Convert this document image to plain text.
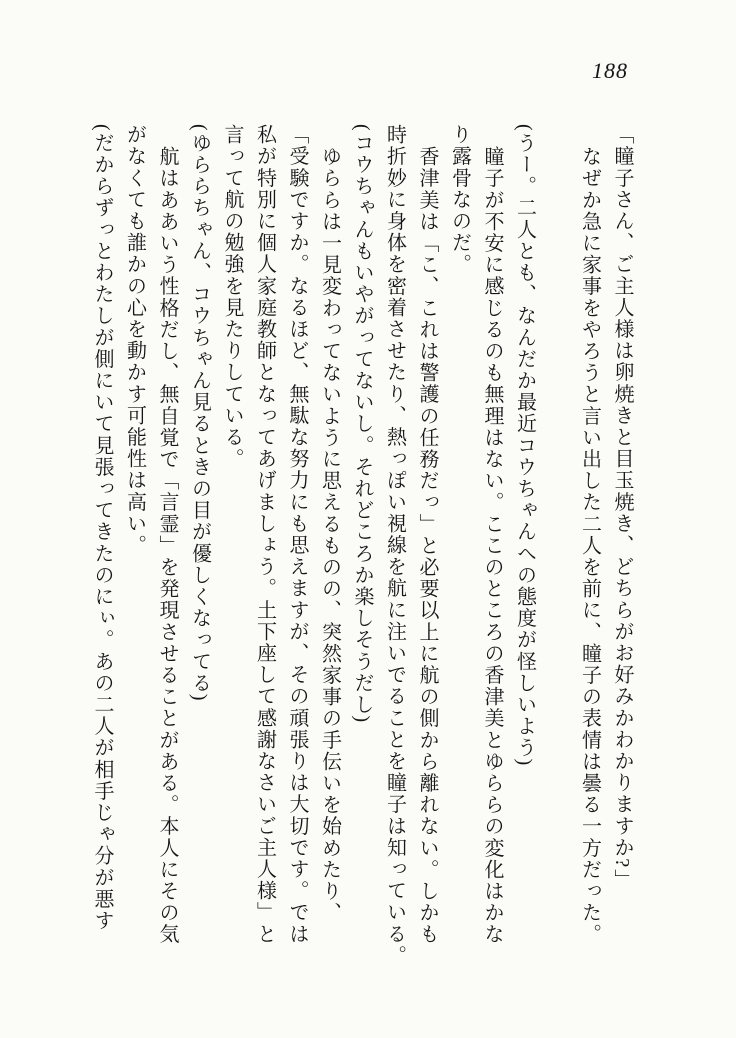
188
「瞳子さん、ご主人様は卵焼きと目玉焼き、どちらがお好みかわかりますか?」
なぜか急に家事をやろうと言い出した二人を前に、瞳子の表情は曇る一方だった。
(うー。二人とも、なんだか最近コウちゃんへの態度が怪しいよう)
瞳子が不安に感じるのも無理はない。ここのところの香津美とゆららの変化はかな
り露骨なのだ。
香津美は「こ、これは警護の任務だっ」と必要以上に航の側から離れない。しかも
時折妙に身体を密着させたり、熱っぽい視線を航に注いでることを瞳子は知っている。
(コウちゃんもいやがってないし。それどころか楽しそうだし)
ゆららは一見変わってないように思えるものの、突然家事の手伝いを始めたり、
「受験ですか。なるほど、無駄な努力にも思えますが、その頑張りは大切です。では
私が特別に個人家庭教師となってあげましょう。土下座して感謝なさいご主人様」と
言って航の勉強を見たりしている。
(ゆららちゃん、コウちゃん見るときの目が優しくなってる)
航はああいう性格だし、無自覚で「言霊」を発現させることがある。本人にその気
がなくても誰かの心を動かす可能性は高い。
(だからずっとわたしが側にいて見張ってきたのにぃ。あの二人が相手じゃ分が悪す
